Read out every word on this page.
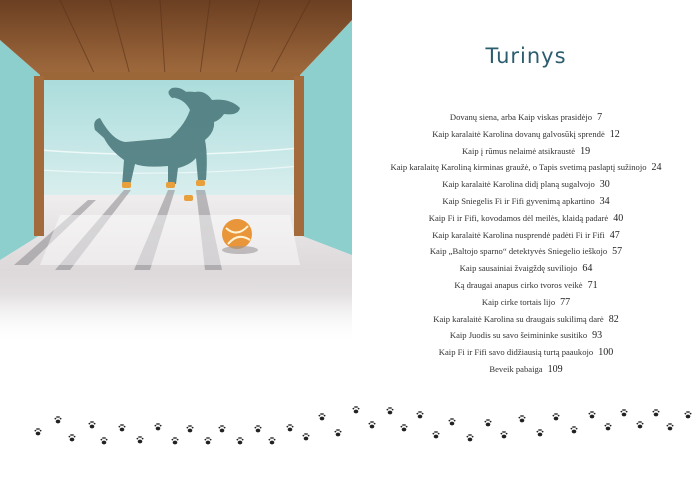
Turinys
Dovanų siena, arba Kaip viskas prasidėjo 7
Kaip karalaitė Karolina dovanų galvosūkį sprendė 12
Kaip į rūmus nelaimė atsikraustė 19
Kaip karalaitę Karoliną kirminas graužė, o Tapis svetimą paslaptį sužinojo 24
Kaip karalaitė Karolina didį planą sugalvojo 30
Kaip Sniegelis Fi ir Fifi gyvenimą apkartino 34
Kaip Fi ir Fifi, kovodamos dėl meilės, klaidą padarė 40
Kaip karalaitė Karolina nusprendė padėti Fi ir Fifi 47
Kaip „Baltojo sparno“ detektyvės Sniegelio ieškojo 57
Kaip sausainiai žvaigždę suviliojo 64
Ką draugai anapus cirko tvoros veikė 71
Kaip cirke tortais lijo 77
Kaip karalaitė Karolina su draugais sukilimą darė 82
Kaip Juodis su savo šeimininke susitiko 93
Kaip Fi ir Fifi savo didžiausią turtą paaukojo 100
Beveik pabaiga 109
